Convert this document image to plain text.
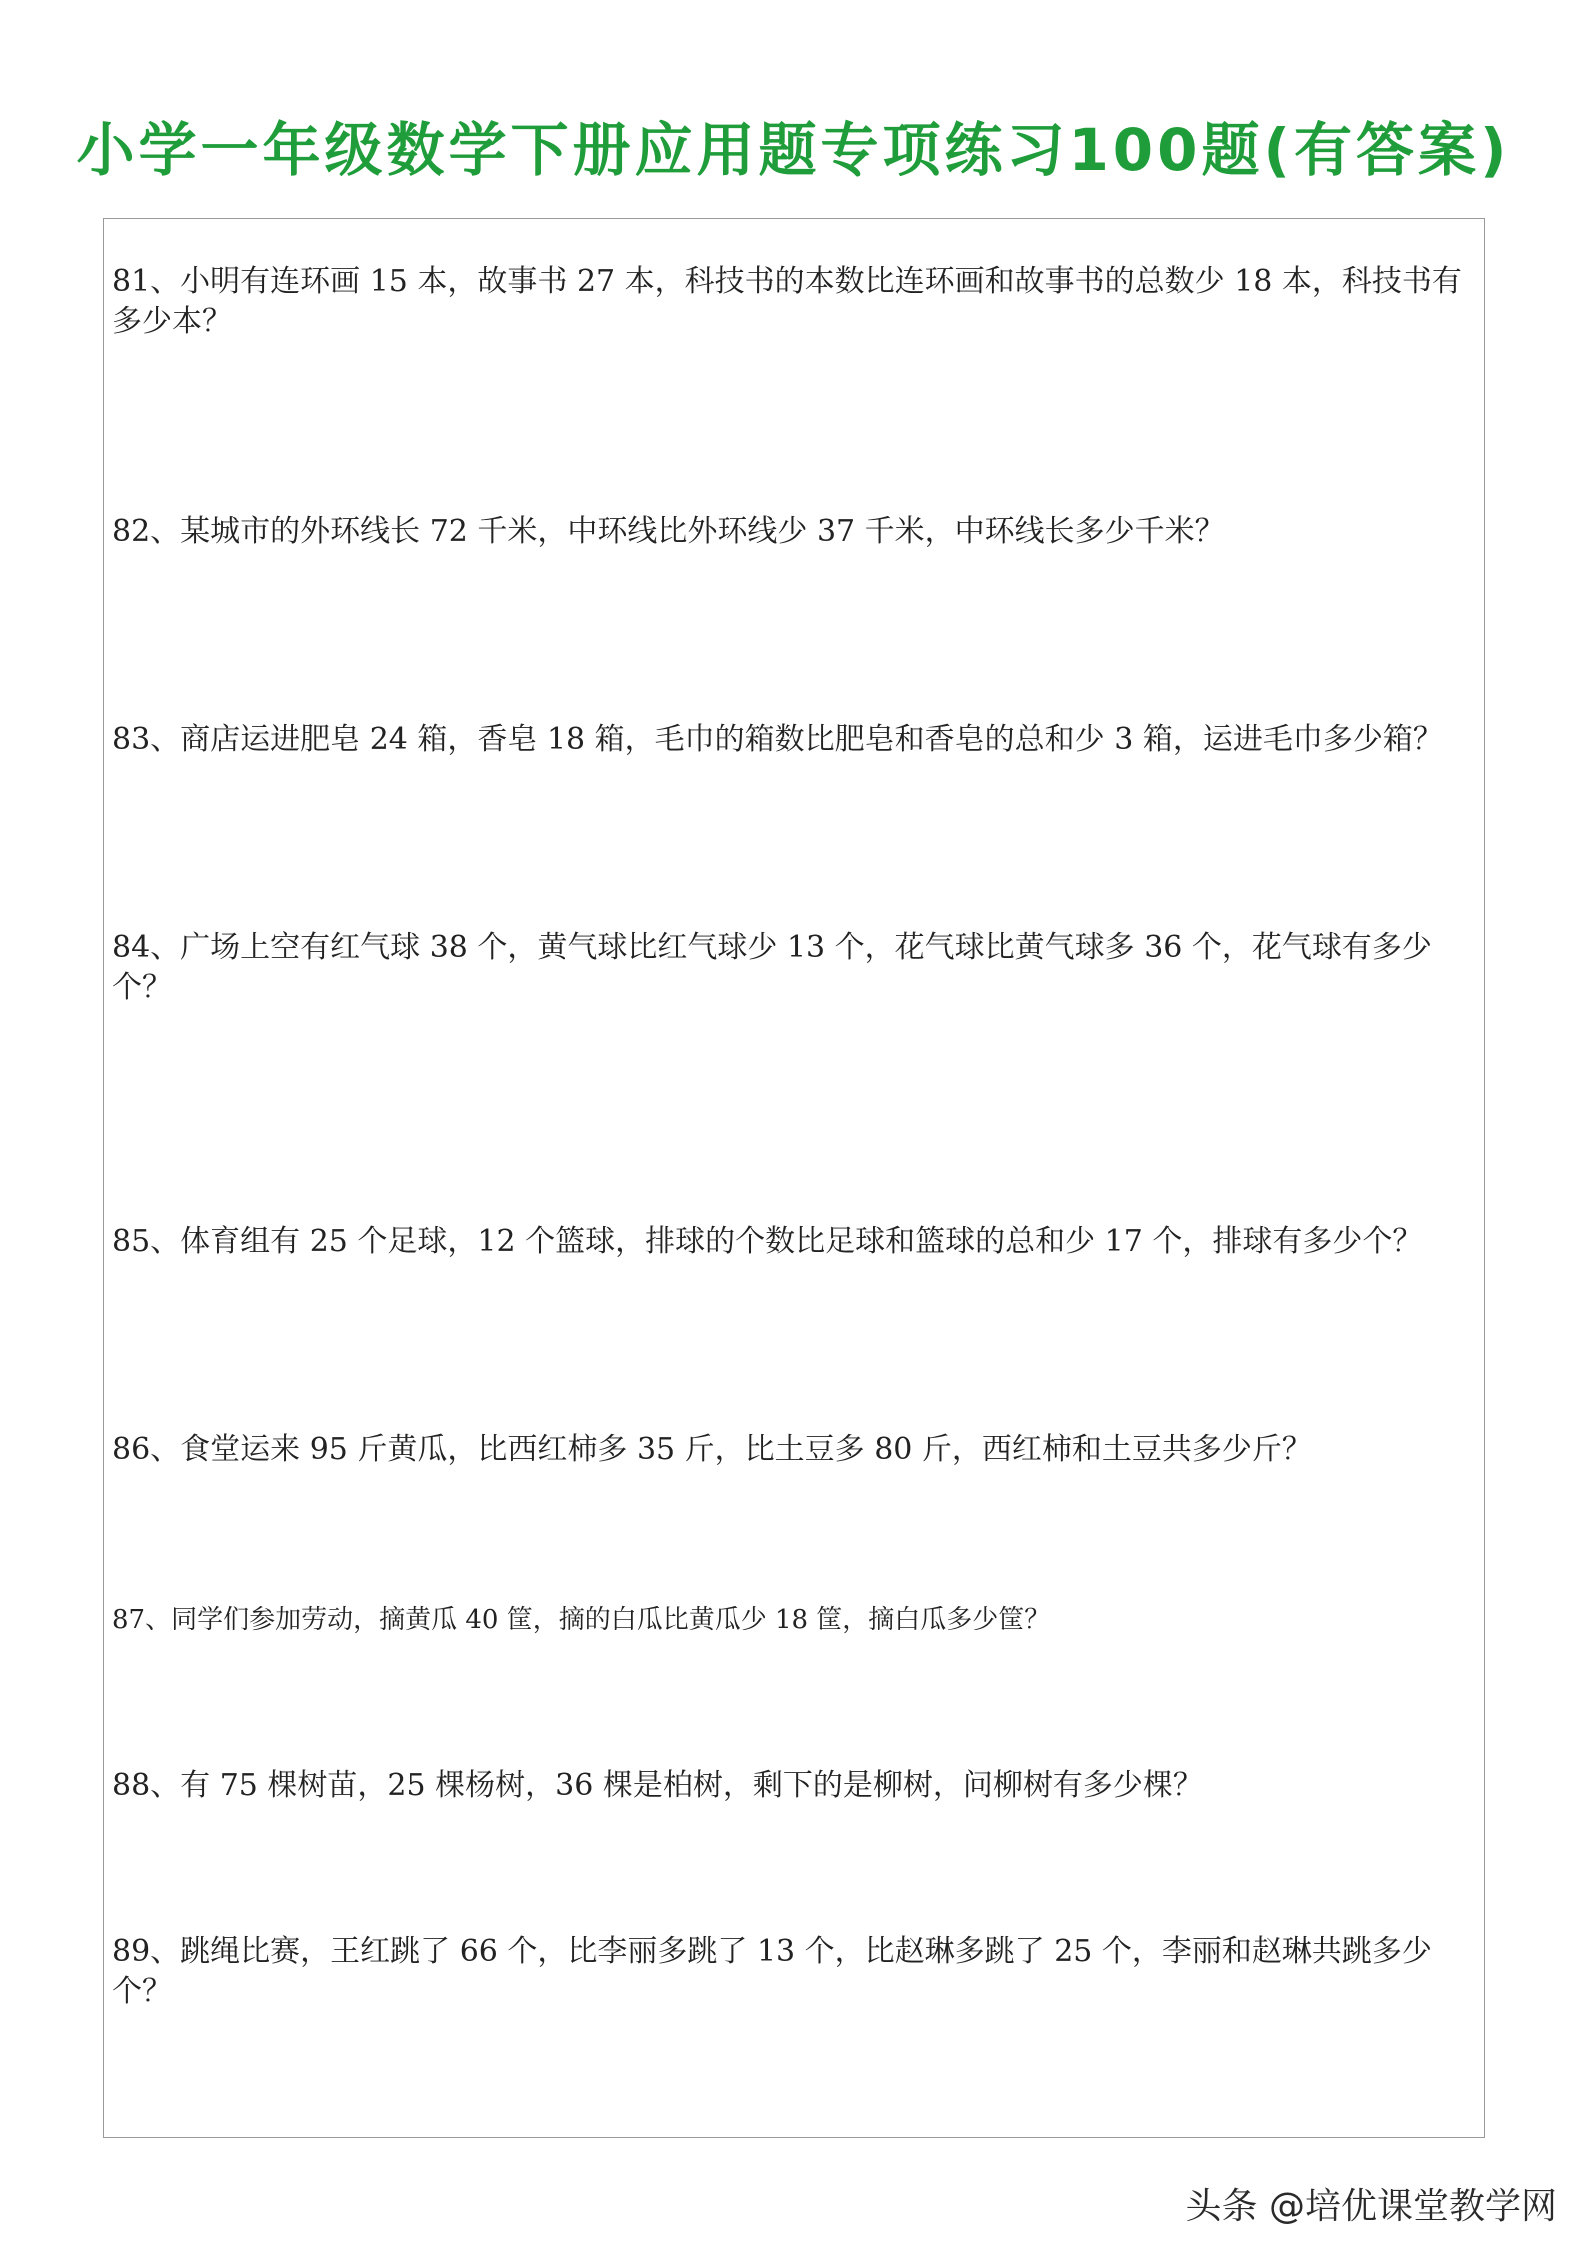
小学一年级数学下册应用题专项练习100题(有答案)
81、小明有连环画 15 本，故事书 27 本，科技书的本数比连环画和故事书的总数少 18 本，科技书有多少本？
82、某城市的外环线长 72 千米，中环线比外环线少 37 千米，中环线长多少千米？
83、商店运进肥皂 24 箱，香皂 18 箱，毛巾的箱数比肥皂和香皂的总和少 3 箱，运进毛巾多少箱？
84、广场上空有红气球 38 个，黄气球比红气球少 13 个，花气球比黄气球多 36 个，花气球有多少个？
85、体育组有 25 个足球，12 个篮球，排球的个数比足球和篮球的总和少 17 个，排球有多少个？
86、食堂运来 95 斤黄瓜，比西红柿多 35 斤，比土豆多 80 斤，西红柿和土豆共多少斤？
87、同学们参加劳动，摘黄瓜 40 筐，摘的白瓜比黄瓜少 18 筐，摘白瓜多少筐？
88、有 75 棵树苗，25 棵杨树，36 棵是柏树，剩下的是柳树，问柳树有多少棵？
89、跳绳比赛，王红跳了 66 个，比李丽多跳了 13 个，比赵琳多跳了 25 个，李丽和赵琳共跳多少个？
头条 @培优课堂教学网
